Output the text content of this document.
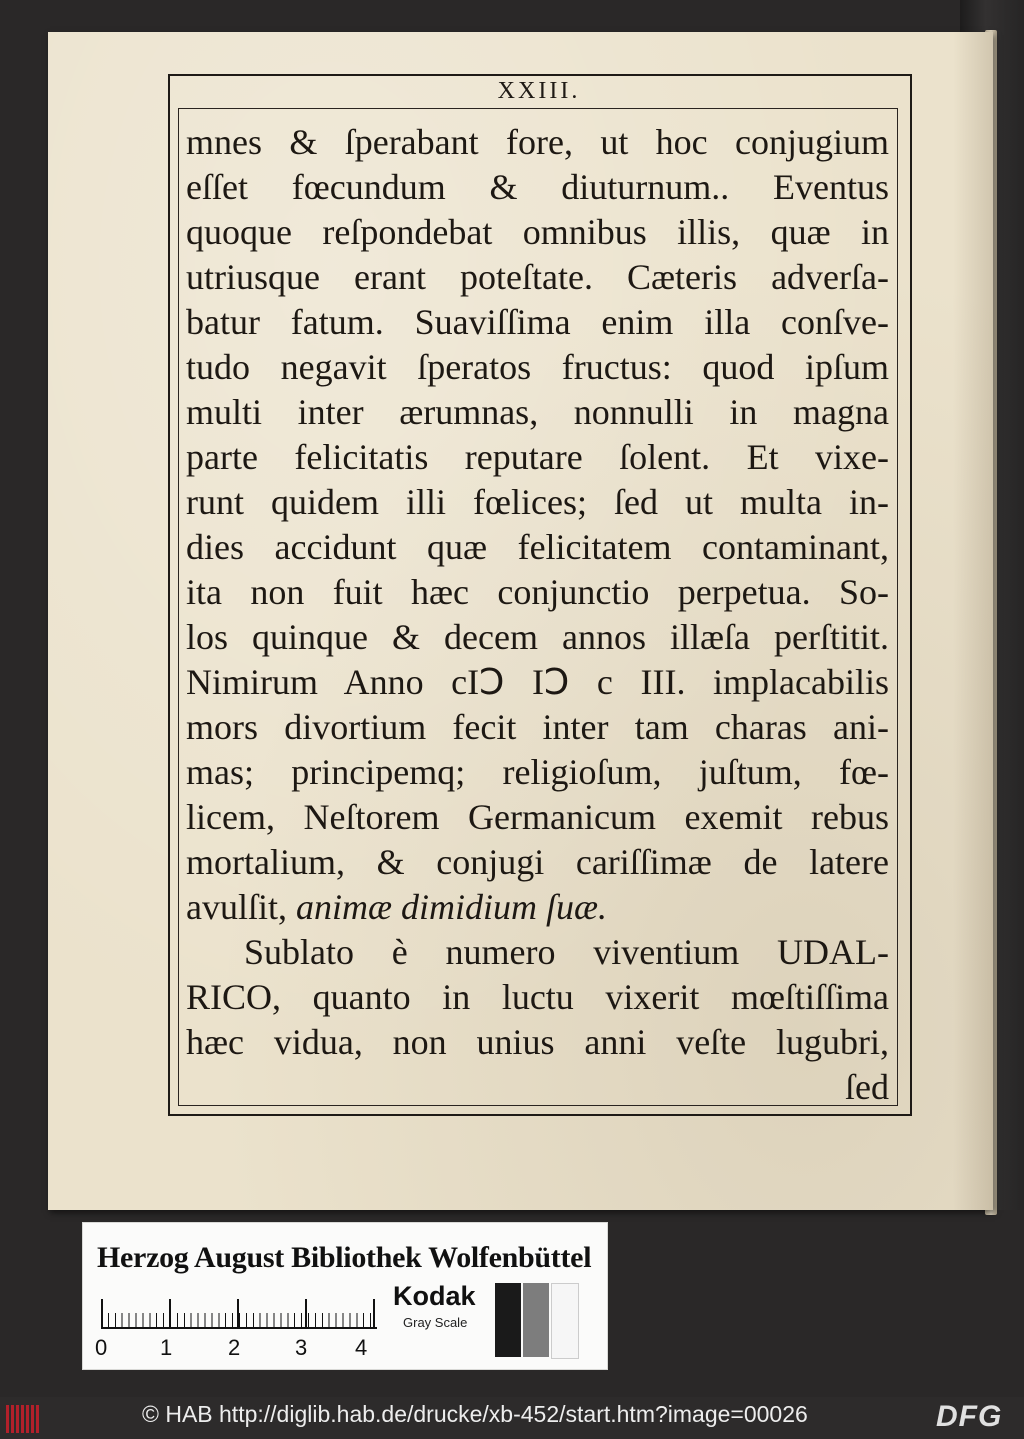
XXIII.
mnes & ſperabant fore, ut hoc conjugium
eſſet fœcundum & diuturnum.. Eventus
quoque reſpondebat omnibus illis, quæ in
utriusque erant poteſtate. Cæteris adverſa-
batur fatum. Suaviſſima enim illa conſve-
tudo negavit ſperatos fructus: quod ipſum
multi inter ærumnas, nonnulli in magna
parte felicitatis reputare ſolent. Et vixe-
runt quidem illi fœlices; ſed ut multa in-
dies accidunt quæ felicitatem contaminant,
ita non fuit hæc conjunctio perpetua. So-
los quinque & decem annos illæſa perſtitit.
Nimirum Anno cIↃ IↃ c III. implacabilis
mors divortium fecit inter tam charas ani-
mas; principemq; religioſum, juſtum, fœ-
licem, Neſtorem Germanicum exemit rebus
mortalium, & conjugi cariſſimæ de latere
avulſit, animæ dimidium ſuæ.
Sublato è numero viventium UDAL-
RICO, quanto in luctu vixerit mœſtiſſima
hæc vidua, non unius anni veſte lugubri,
ſed
Herzog August Bibliothek Wolfenbüttel
0 1	2 3 4
Kodak
Gray Scale
© HAB http://diglib.hab.de/drucke/xb-452/start.htm?image=00026	DFG
